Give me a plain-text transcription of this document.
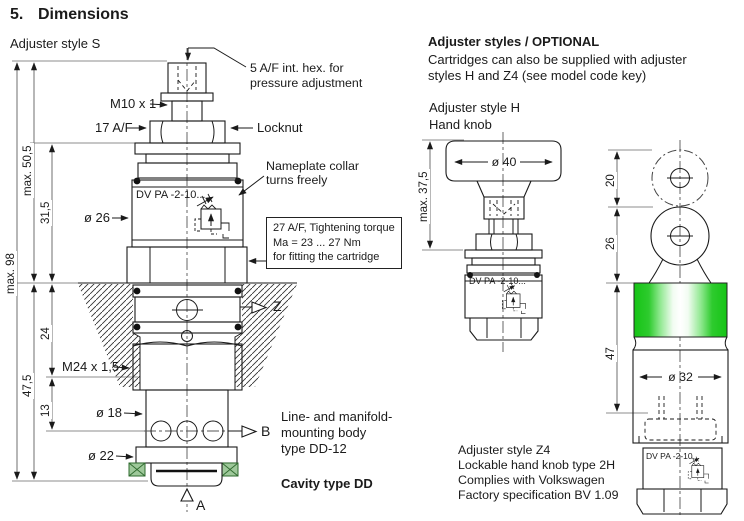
5. Dimensions
Adjuster style S
5 A/F int. hex. for
pressure adjustment
M10 x 1
17 A/F	Locknut
Nameplate collar
turns freely
ø 26
DV PA -2-10...
27 A/F, Tightening torque
Ma = 23 ... 27 Nm
for fitting the cartridge
M24 x 1,5
ø 18
ø 22
Z
B
A
Line- and manifold-
mounting body
type DD-12
Cavity type DD
max. 98
max. 50,5
47,5
31,5
24
13
Adjuster styles / OPTIONAL
Cartridges can also be supplied with adjuster
styles H and Z4 (see model code key)
Adjuster style H
Hand knob
ø 40
max. 37,5
DV PA -2-10...
20
26
47
ø 32
DV PA -2-10...
Adjuster style Z4
Lockable hand knob type 2H
Complies with Volkswagen
Factory specification BV 1.09
